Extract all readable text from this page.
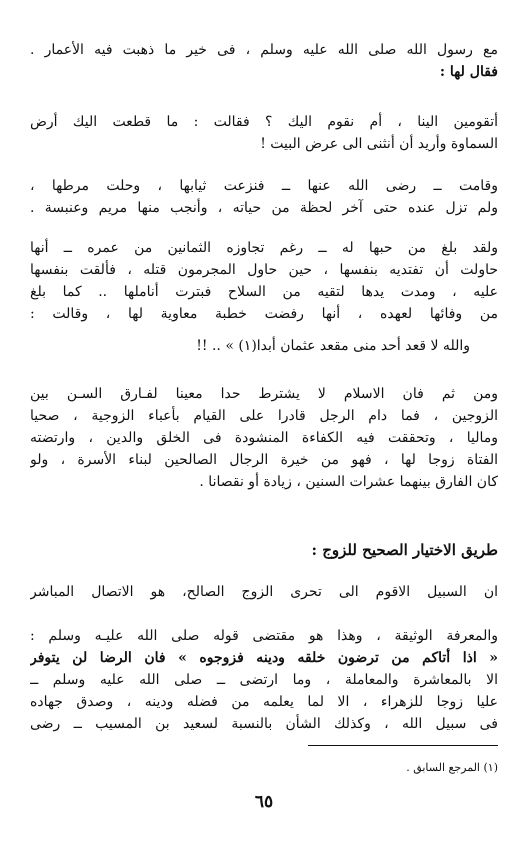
مع رسول الله صلى الله عليه وسلم ، فى خير ما ذهبت فيه الأعمار .
فقال لها :
أتقومين الينا ، أم نقوم اليك ؟ فقالت : ما قطعت اليك أرض
السماوة وأريد أن أنثنى الى عرض البيت !
وقامت ــ رضى الله عنها ــ فنزعت ثيابها ، وحلت مرطها ،
ولم تزل عنده حتى آخر لحظة من حياته ، وأنجب منها مريم وعنبسة .
ولقد بلغ من حبها له ــ رغم تجاوزه الثمانين من عمره ــ أنها
حاولت أن تفتديه بنفسها ، حين حاول المجرمون قتله ، فألقت بنفسها
عليه ، ومدت يدها لتقيه من السلاح فبترت أناملها .. كما بلغ
من وفائها لعهده ، أنها رفضت خطبة معاوية لها ، وقالت :
والله لا قعد أحد منى مقعد عثمان أبدا(١) » .. !!
ومن ثم فان الاسلام لا يشترط حدا معينا لفـارق السـن بين
الزوجين ، فما دام الرجل قادرا على القيام بأعباء الزوجية ، صحيا
وماليا ، وتحققت فيه الكفاءة المنشودة فى الخلق والدين ، وارتضته
الفتاة زوجا لها ، فهو من خيرة الرجال الصالحين لبناء الأسرة ، ولو
كان الفارق بينهما عشرات السنين ، زيادة أو نقصانا .
طريق الاختيار الصحيح للزوج :
ان السبيل الاقوم الى تحرى الزوج الصالح، هو الاتصال المباشر
والمعرفة الوثيقة ، وهذا هو مقتضى قوله صلى الله عليـه وسلم :
« اذا أتاكم من ترضون خلقه ودينه فزوجوه » فان الرضا لن يتوفر
الا بالمعاشرة والمعاملة ، وما ارتضى ــ صلى الله عليه وسلم ــ
عليا زوجا للزهراء ، الا لما يعلمه من فضله ودينه ، وصدق جهاده
فى سبيل الله ، وكذلك الشأن بالنسبة لسعيد بن المسيب ــ رضى
(١) المرجع السابق .
٦٥
